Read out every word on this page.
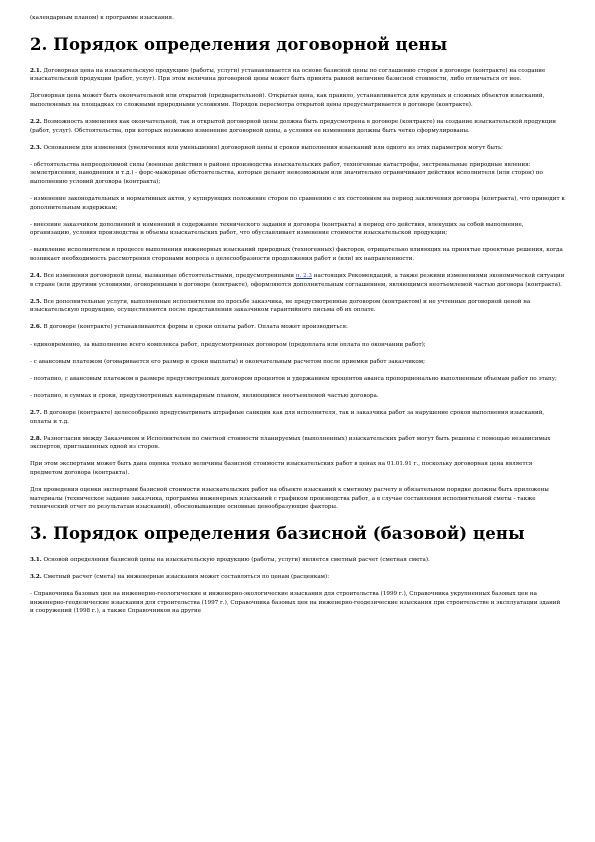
(календарным планом) к программе изыскания.

2. Порядок определения договорной цены

2.1. Договорная цена на изыскательскую продукцию (работы, услуги) устанавливается на основе базисной цены по соглашению сторон в договоре (контракте) на создание изыскательской продукции (работ, услуг). При этом величина договорной цены может быть принята равной величине базисной стоимости, либо отличаться от нее.

Договорная цена может быть окончательной или открытой (предварительной). Открытая цена, как правило, устанавливается для крупных и сложных объектов изысканий, выполняемых на площадках со сложными природными условиями. Порядок пересмотра открытой цены предусматривается в договоре (контракте).

2.2. Возможность изменения как окончательной, так и открытой договорной цены должна быть предусмотрена в договоре (контракте) на создание изыскательской продукции (работ, услуг). Обстоятельства, при которых возможно изменение договорной цены, а условия ее изменения должны быть четко сформулированы.

2.3. Основанием для изменения (увеличения или уменьшения) договорной цены и сроков выполнения изысканий или одного из этих параметров могут быть:

- обстоятельства непреодолимой силы (военные действия в районе производства изыскательских работ, техногенные катастрофы, экстремальные природные явления: землетрясения, наводнения и т.д.) - форс-мажорные обстоятельства, которые делают невозможным или значительно ограничивают действия исполнителя (или сторон) по выполнению условий договора (контракта);

- изменение законодательных и нормативных актов, у купирующих положение сторон по сравнению с их состоянием на период заключения договора (контракта), что приводит к дополнительным издержкам;

- внесение заказчиком дополнений и изменений в содержание технического задания и договора (контракта) в период его действия, влекущих за собой выполнение, организацию, условия производства и объемы изыскательских работ, что обуславливает изменение стоимости изыскательской продукции;

- выявление исполнителем в процессе выполнения инженерных изысканий природных (техногенных) факторов, отрицательно влияющих на принятые проектные решения, когда возникает необходимость рассмотрения сторонами вопроса о целесообразности продолжения работ и (или) их направленности.

2.4. Все изменения договорной цены, вызванные обстоятельствами, предусмотренными п. 2.3 настоящих Рекомендаций, а также резкими изменениями экономической ситуации в стране (или другими условиями, оговоренными в договоре (контракте), оформляются дополнительным соглашением, являющимся неотъемлемой частью договора (контракта).

2.5. Все дополнительные услуги, выполненные исполнителем по просьбе заказчика, не предусмотренные договором (контрактом) и не учтенные договорной ценой на изыскательскую продукцию, осуществляются после представления заказчиком гарантийного письма об их оплате.

2.6. В договоре (контракте) устанавливаются формы и сроки оплаты работ. Оплата может производиться:

- единовременно, за выполнение всего комплекса работ, предусмотренных договором (предоплата или оплата по окончании работ);

- с авансовым платежом (оговаривается его размер и сроки выплаты) и окончательным расчетом после приемки работ заказчиком;

- поэтапно, с авансовым платежом в размере предусмотренных договором процентов и удержанием процентов аванса пропорционально выполненным объемам работ по этапу;

- поэтапно, в суммах и сроки, предусмотренных календарным планом, являющимся неотъемлемой частью договора.

2.7. В договоре (контракте) целесообразно предусматривать штрафные санкции как для исполнителя, так и заказчика работ за нарушение сроков выполнения изысканий, оплаты и т.д.

2.8. Разногласия между Заказчиком и Исполнителем по сметной стоимости планируемых (выполненных) изыскательских работ могут быть решены с помощью независимых экспертов, приглашенных одной из сторон.

При этом экспертами может быть дана оценка только величины базисной стоимости изыскательских работ в ценах на 01.01.91 г., поскольку договорная цена является предметом договора (контракта).

Для проведения оценки экспертами базисной стоимости изыскательских работ на объекте изысканий к сметному расчету в обязательном порядке должны быть приложены материалы (техническое задание заказчика, программа инженерных изысканий с графиком производства работ, а в случае составления исполнительной сметы - также технический отчет по результатам изысканий), обосновывающие основные ценообразующие факторы.

3. Порядок определения базисной (базовой) цены

3.1. Основой определения базисной цены на изыскательскую продукцию (работы, услуги) является сметный расчет (сметная смета).

3.2. Сметный расчет (смета) на инженерные изыскания может составляться по ценам (расценкам):

- Справочника базовых цен на инженерно-геологические и инженерно-экологические изыскания для строительства (1999 г.), Справочника укрупненных базовых цен на инженерно-геодезические изыскания для строительства (1997 г.), Справочника базовых цен на инженерно-геодезические изыскания при строительстве и эксплуатации зданий и сооружений (1998 г.), а также Справочников на другие
